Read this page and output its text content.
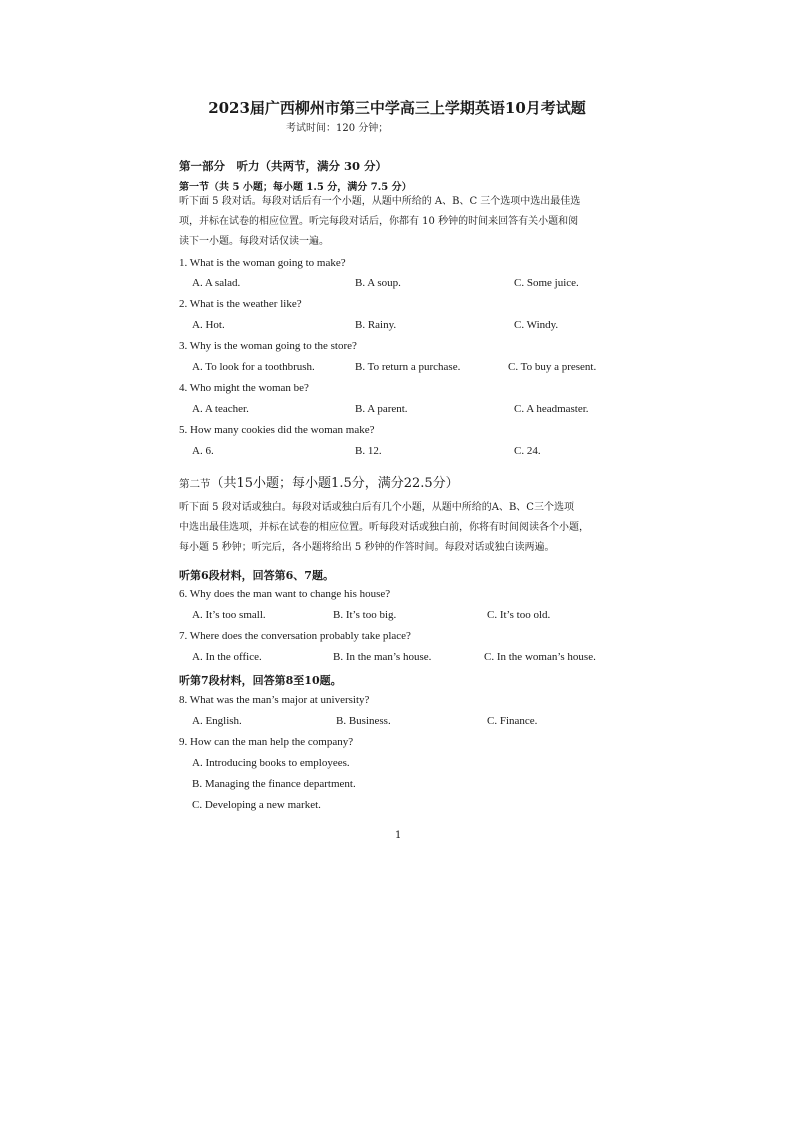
2023届广西柳州市第三中学高三上学期英语10月考试题
考试时间：120 分钟；
第一部分　听力（共两节，满分 30 分）
第一节（共 5 小题；每小题 1.5 分，满分 7.5 分）
听下面 5 段对话。每段对话后有一个小题，从题中所给的 A、B、C 三个选项中选出最佳选
项，并标在试卷的相应位置。听完每段对话后，你都有 10 秒钟的时间来回答有关小题和阅
读下一小题。每段对话仅读一遍。
1. What is the woman going to make?
A. A salad.	B. A soup.	C. Some juice.
2. What is the weather like?
A. Hot.	B. Rainy.	C. Windy.
3. Why is the woman going to the store?
A. To look for a toothbrush.	B. To return a purchase.	C. To buy a present.
4. Who might the woman be?
A. A teacher.	B. A parent.	C. A headmaster.
5. How many cookies did the woman make?
A. 6.	B. 12.	C. 24.
第二节（共15小题；每小题1.5分，满分22.5分）
听下面 5 段对话或独白。每段对话或独白后有几个小题，从题中所给的A、B、C三个选项
中选出最佳选项，并标在试卷的相应位置。听每段对话或独白前，你将有时间阅读各个小题，
每小题 5 秒钟；听完后，各小题将给出 5 秒钟的作答时间。每段对话或独白读两遍。
听第6段材料，回答第6、7题。
6. Why does the man want to change his house?
A. It’s too small.	B. It’s too big.	C. It’s too old.
7. Where does the conversation probably take place?
A. In the office.	B. In the man’s house.	C. In the woman’s house.
听第7段材料，回答第8至10题。
8. What was the man’s major at university?
A. English.	B. Business.	C. Finance.
9. How can the man help the company?
A. Introducing books to employees.
B. Managing the finance department.
C. Developing a new market.
1
